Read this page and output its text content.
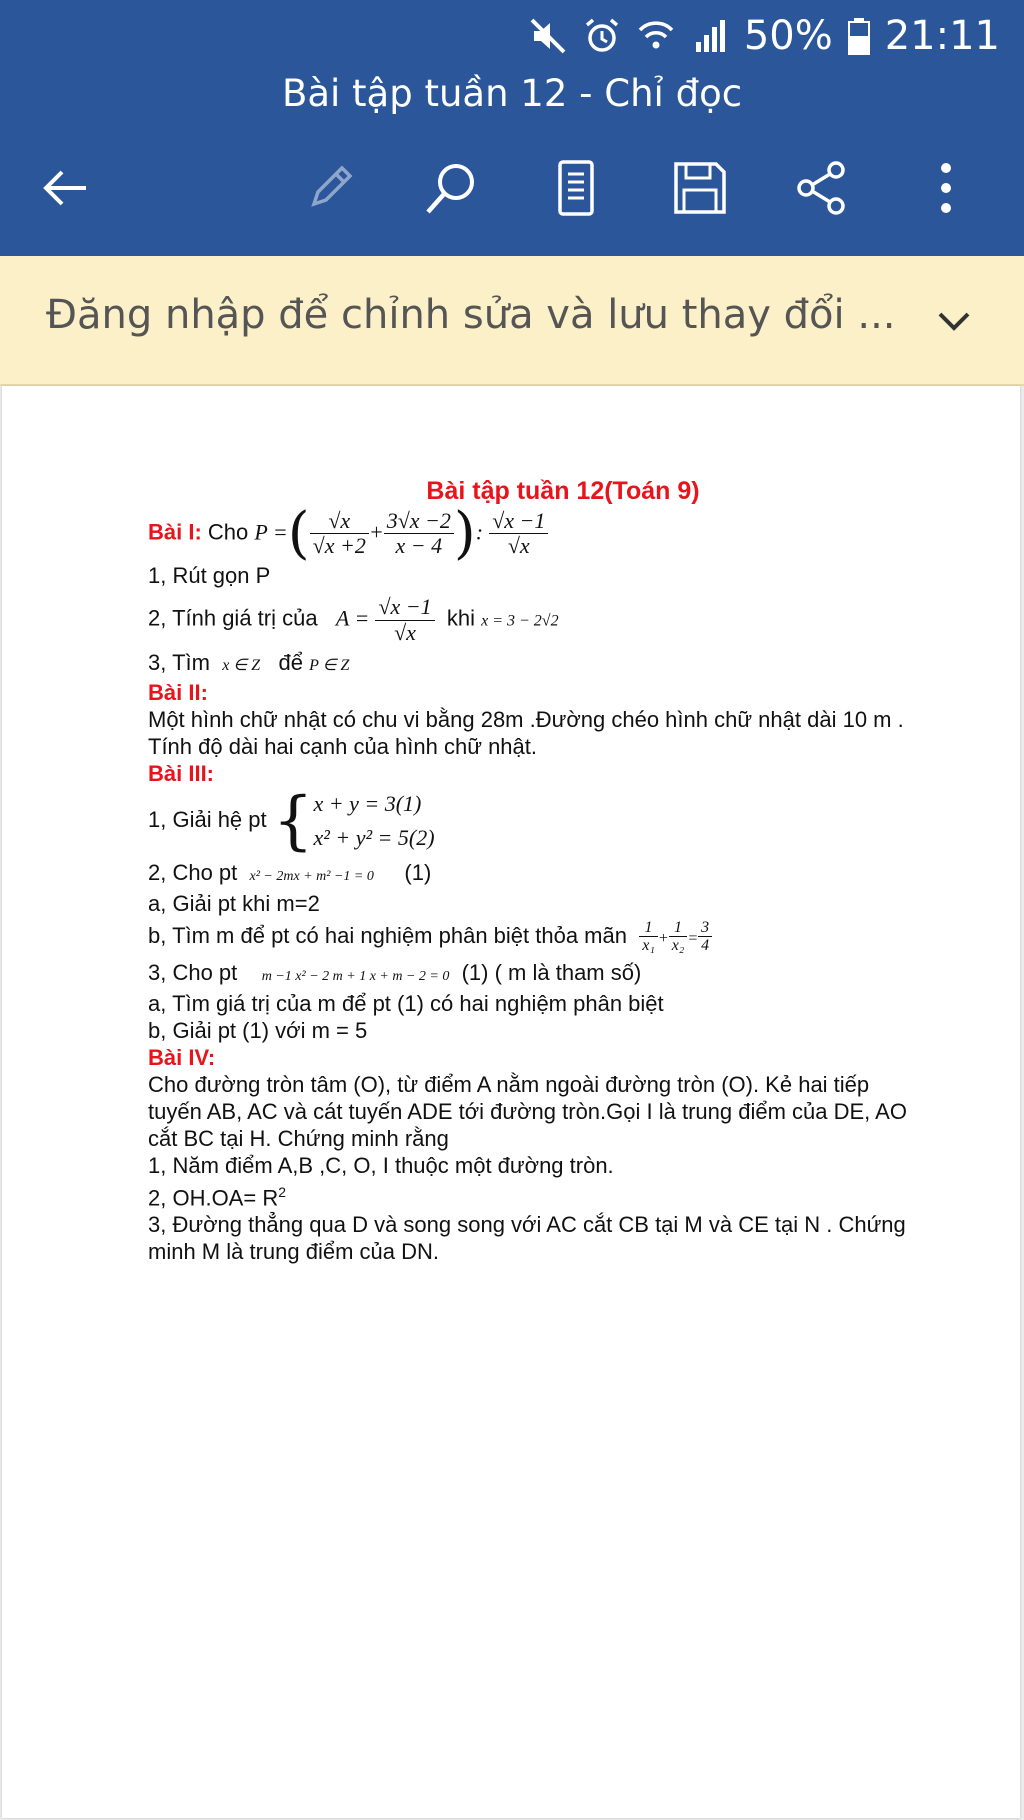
50% 21:11
Bài tập tuần 12 - Chỉ đọc
Đăng nhập để chỉnh sửa và lưu thay đổi ...
Bài tập tuần 12(Toán 9)
Bài I: Cho P =( $\frac{√x}{√x +2} + \frac{3√x -2}{x - 4}$ ): $\frac{√x -1}{√x}$
1, Rút gọn P
2, Tính giá trị của $A = \frac{√x -1}{√x}$ khi x = 3 − 2√2
3, Tìm x ∈ Z để P ∈ Z
Bài II:
Một hình chữ nhật có chu vi bằng 28m .Đường chéo hình chữ nhật dài 10 m . Tính độ dài hai cạnh của hình chữ nhật.
Bài III:
1, Giải hệ pt { x + y = 3(1)
x² + y² = 5(2)
2, Cho pt x² − 2mx + m² −1 = 0 (1)
a, Giải pt khi m=2
b, Tìm m để pt có hai nghiệm phân biệt thỏa mãn $\frac{1}{\text{x₁}} + \frac{1}{\text{x₂}} = \frac{3}{4}$
3, Cho pt m −1 x² − 2 m + 1 x + m − 2 = 0 (1) ( m là tham số)
a, Tìm giá trị của m để pt (1) có hai nghiệm phân biệt
b, Giải pt (1) với m = 5
Bài IV:
Cho đường tròn tâm (O), từ điểm A nằm ngoài đường tròn (O). Kẻ hai tiếp tuyến AB, AC và cát tuyến ADE tới đường tròn.Gọi I là trung điểm của DE, AO cắt BC tại H. Chứng minh rằng
1, Năm điểm A,B ,C, O, I thuộc một đường tròn.
2, $OH.OA= R^2$
3, Đường thẳng qua D và song song với AC cắt CB tại M và CE tại N . Chứng minh M là trung điểm của DN.
